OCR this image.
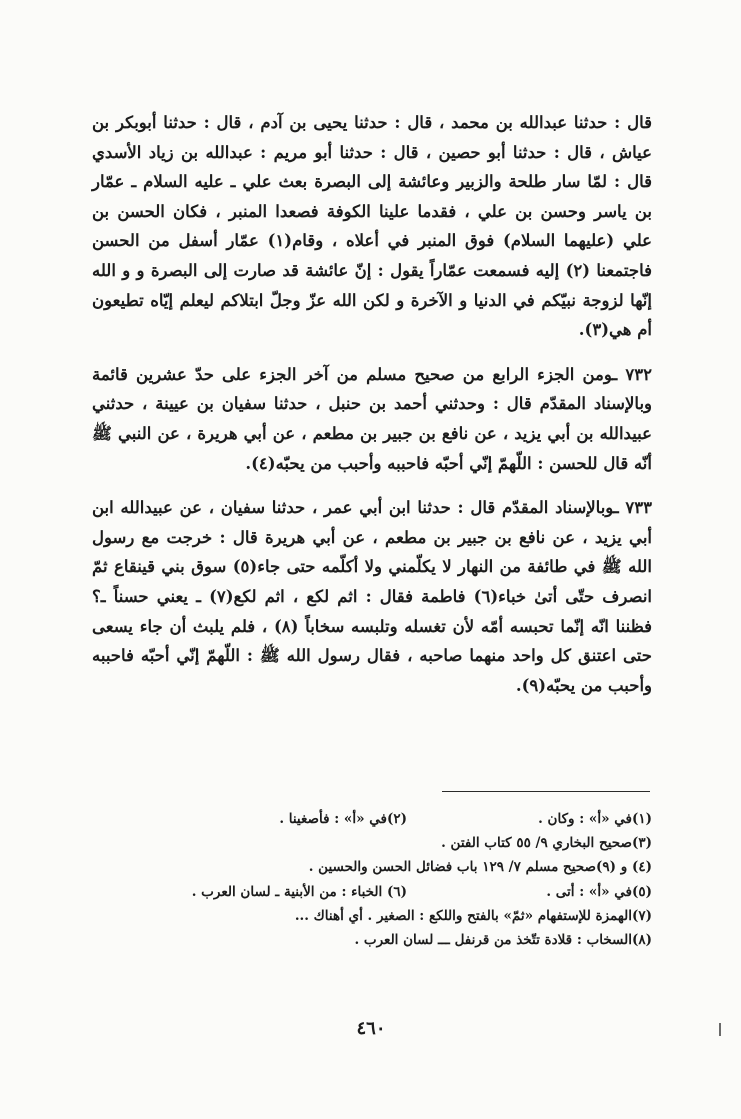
قال : حدثنا عبدالله بن محمد ، قال : حدثنا يحيى بن آدم ، قال : حدثنا أبوبكر بن عياش ، قال : حدثنا أبو حصين ، قال : حدثنا أبو مريم : عبدالله بن زياد الأسدي قال : لمّا سار طلحة والزبير وعائشة إلى البصرة بعث علي ـ عليه السلام ـ عمّار بن ياسر وحسن بن علي ، فقدما علينا الكوفة فصعدا المنبر ، فكان الحسن بن علي (عليهما السلام) فوق المنبر في أعلاه ، وقام(١) عمّار أسفل من الحسن فاجتمعنا (٢) إليه فسمعت عمّاراً يقول : إنّ عائشة قد صارت إلى البصرة و و الله إنّها لزوجة نبيّكم في الدنيا و الآخرة و لكن الله عزّ وجلّ ابتلاكم ليعلم إيّاه تطيعون أم هي(٣).

٧٣٢ ـومن الجزء الرابع من صحيح مسلم من آخر الجزء على حدّ عشرين قائمة وبالإسناد المقدّم قال : وحدثني أحمد بن حنبل ، حدثنا سفيان بن عيينة ، حدثني عبيدالله بن أبي يزيد ، عن نافع بن جبير بن مطعم ، عن أبي هريرة ، عن النبي ﷺ أنّه قال للحسن : اللّهمّ إنّي أحبّه فاحببه وأحبب من يحبّه(٤).

٧٣٣ ـوبالإسناد المقدّم قال : حدثنا ابن أبي عمر ، حدثنا سفيان ، عن عبيدالله ابن أبي يزيد ، عن نافع بن جبير بن مطعم ، عن أبي هريرة قال : خرجت مع رسول الله ﷺ في طائفة من النهار لا يكلّمني ولا أكلّمه حتى جاء(٥) سوق بني قينقاع ثمّ انصرف حتّى أتىٰ خباء(٦) فاطمة فقال : اثم لكع ، اثم لكع(٧) ـ يعني حسناً ـ؟ فظننا انّه إنّما تحبسه أمّه لأن تغسله وتلبسه سخاباً (٨) ، فلم يلبث أن جاء يسعى حتى اعتنق كل واحد منهما صاحبه ، فقال رسول الله ﷺ : اللّهمّ إنّي أحبّه فاحببه وأحبب من يحبّه(٩).

(١)في «أ» : وكان .
(٢)في «أ» : فأصغينا .
(٣)صحيح البخاري ٩/ ٥٥ كتاب الفتن .
(٤) و (٩)صحيح مسلم ٧/ ١٢٩ باب فضائل الحسن والحسين .
(٥)في «أ» : أتى .
(٦) الخباء : من الأبنية ـ لسان العرب .
(٧)الهمزة للإستفهام «ثمّ» بالفتح واللكع : الصغير . أي أهناك ...
(٨)السخاب : قلادة تتّخذ من قرنفل ـــ لسان العرب .
٤٦٠
